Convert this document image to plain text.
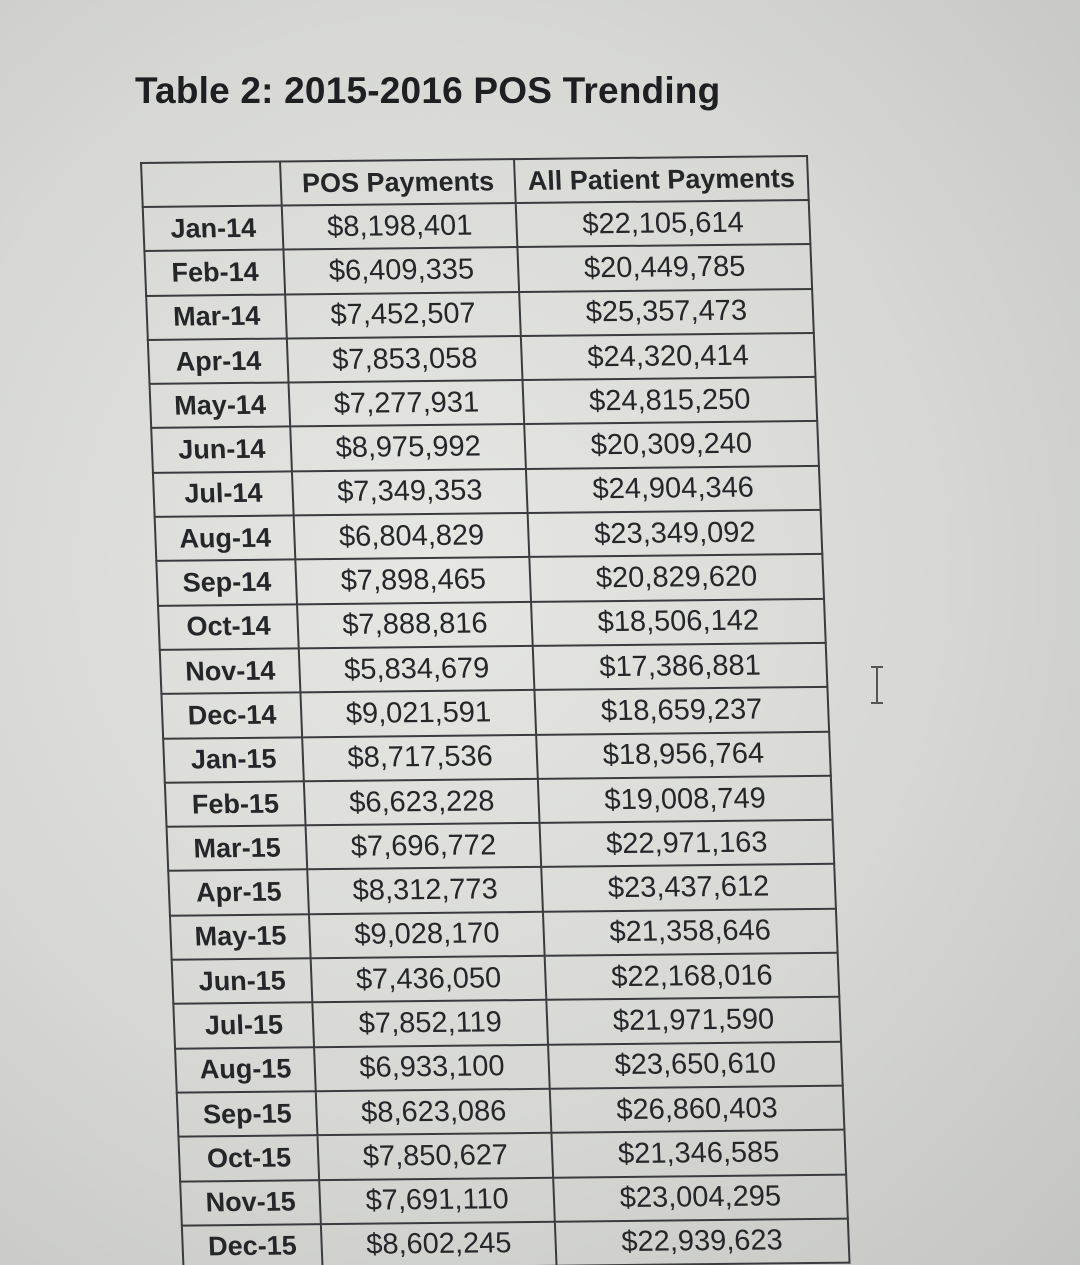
Table 2: 2015-2016 POS Trending
	POS Payments	All Patient Payments
Jan-14	$8,198,401	$22,105,614
Feb-14	$6,409,335	$20,449,785
Mar-14	$7,452,507	$25,357,473
Apr-14	$7,853,058	$24,320,414
May-14	$7,277,931	$24,815,250
Jun-14	$8,975,992	$20,309,240
Jul-14	$7,349,353	$24,904,346
Aug-14	$6,804,829	$23,349,092
Sep-14	$7,898,465	$20,829,620
Oct-14	$7,888,816	$18,506,142
Nov-14	$5,834,679	$17,386,881
Dec-14	$9,021,591	$18,659,237
Jan-15	$8,717,536	$18,956,764
Feb-15	$6,623,228	$19,008,749
Mar-15	$7,696,772	$22,971,163
Apr-15	$8,312,773	$23,437,612
May-15	$9,028,170	$21,358,646
Jun-15	$7,436,050	$22,168,016
Jul-15	$7,852,119	$21,971,590
Aug-15	$6,933,100	$23,650,610
Sep-15	$8,623,086	$26,860,403
Oct-15	$7,850,627	$21,346,585
Nov-15	$7,691,110	$23,004,295
Dec-15	$8,602,245	$22,939,623
